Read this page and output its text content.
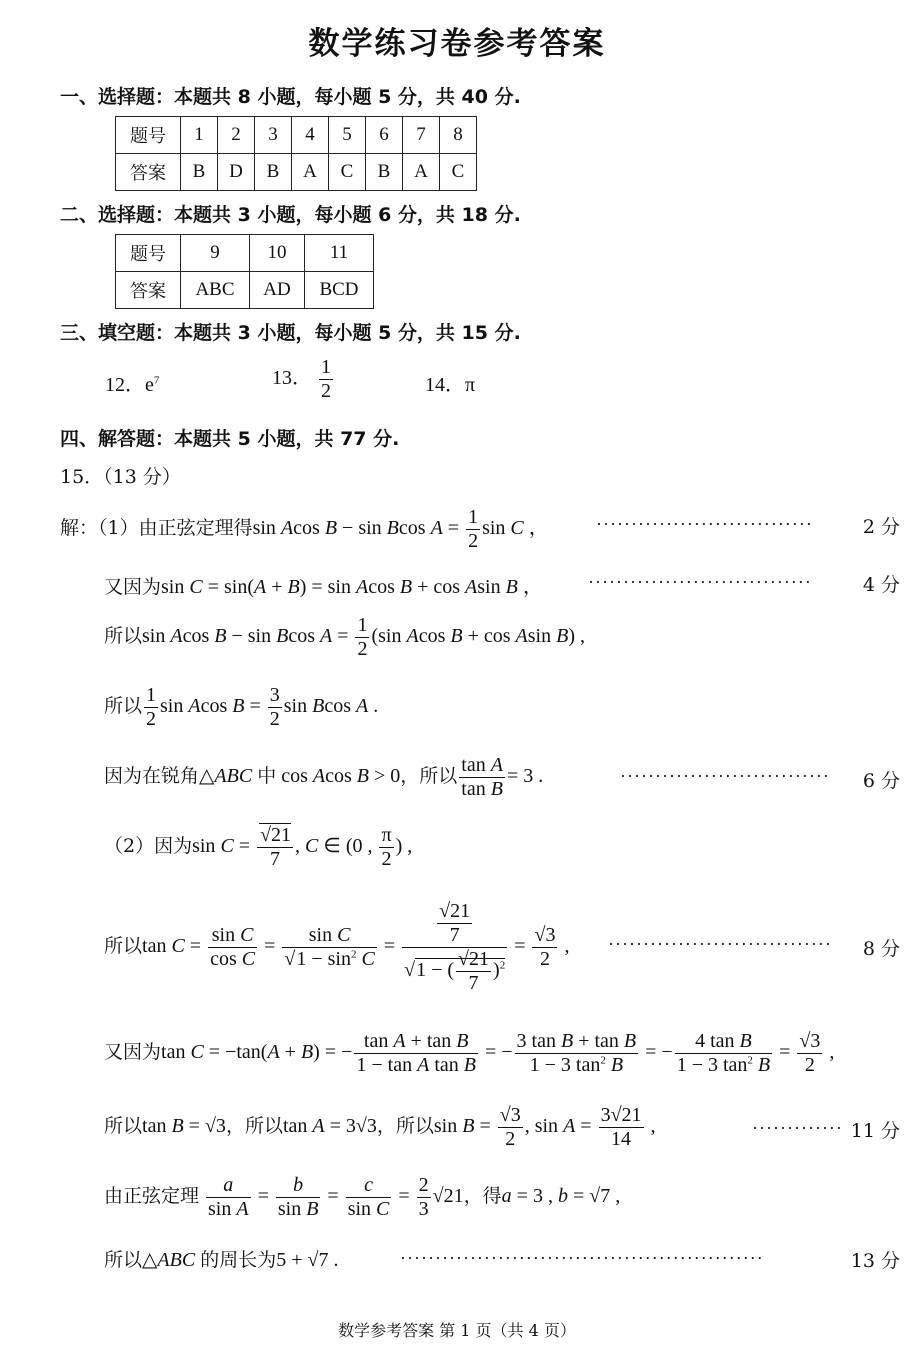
数学练习卷参考答案
一、选择题：本题共 8 小题，每小题 5 分，共 40 分.
题号	1	2	3	4	5	6	7	8
答案	B	D	B	A	C	B	A	C
二、选择题：本题共 3 小题，每小题 6 分，共 18 分.
题号	9	10	11
答案	ABC	AD	BCD
三、填空题：本题共 3 小题，每小题 5 分，共 15 分.
12．$e^7$	13． $\frac{1}{2}$	14．π
四、解答题：本题共 5 小题，共 77 分.
15．（13 分）
解：（1）由正弦定理得sin Acos B − sin Bcos $A = \frac{1}{2}$ sin C ，	·······························	2 分
又因为sin C = sin(A + B) = sin Acos B + cos Asin B ，	································	4 分
所以sin Acos B − sin Bcos $A = \frac{1}{2} (\sin$ Acos B + cos Asin B) ,
所以 $\frac{1}{2}$ sin Acos $B = \frac{3}{2}$ sin Bcos A .
因为在锐角△ABC 中 cos Acos B > 0，所以 $\frac{\text{tan A}}{\text{tan B}} = 3$ .	······························ 6 分
（2）因为$\sin C = \frac{√21}{7}$ , C ∈ (0 , $\frac{\pi}{2}$ ) ,
所以$\tan C = \frac{\text{sin C}}{\text{cos C}} = \frac{\text{sin C}}{√1 - \sin^2 C} = \frac{\frac{√21}{7}}{√1 - ( \frac{√21}{7} )^2} = \frac{√3}{2}$ , ································ 8 分
又因为tan C = −tan(A + B) = − $\frac{\text{tan A + tan B}}{\text{1 − tan A tan B}}$ = − $\frac{\text{3 tan B + tan B}}{1 - 3 \tan^2 B}$ = − $\frac{\text{4 tan B}}{1 - 3 \tan^2 B} = \frac{√3}{2}$ ,
所以tan B = √3，所以tan A = 3√3，所以$\sin B = \frac{√3}{2}$ , $\sin A = \frac{3√21}{14}$ ,	············· 11 分
由正弦定理 $\frac{a}{\text{sin A}} = \frac{b}{\text{sin B}} = \frac{c}{\text{sin C}} = \frac{2}{3} √21$，得a = 3 , b = √7 ,
所以△ABC 的周长为5 + √7 .	····················································	13 分
数学参考答案 第 1 页（共 4 页）
